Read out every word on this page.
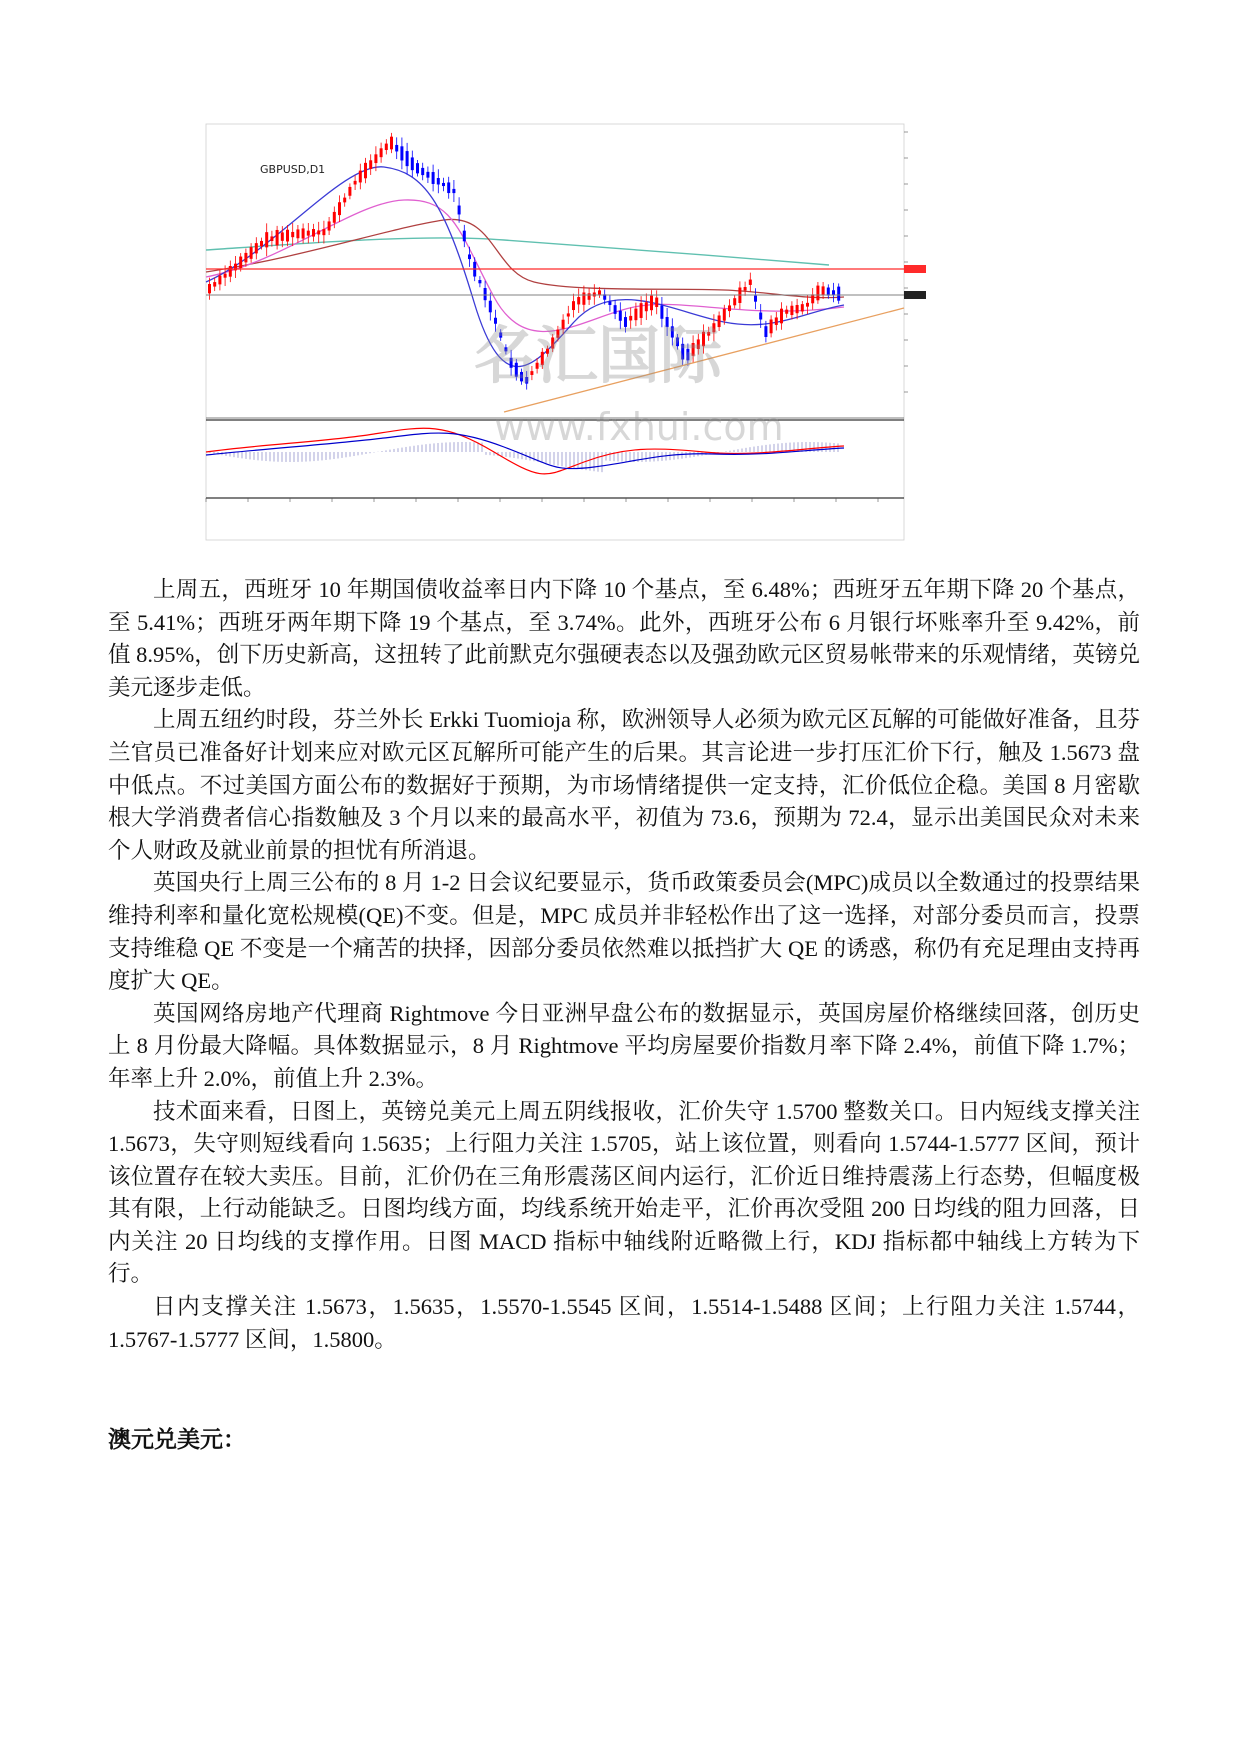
GBPUSD,D1
名汇国际
www.fxhui.com

上周五，西班牙 10 年期国债收益率日内下降 10 个基点，至 6.48%；西班牙五年期下降 20 个基点，至 5.41%；西班牙两年期下降 19 个基点，至 3.74%。此外，西班牙公布 6 月银行坏账率升至 9.42%，前值 8.95%，创下历史新高，这扭转了此前默克尔强硬表态以及强劲欧元区贸易帐带来的乐观情绪，英镑兑美元逐步走低。

上周五纽约时段，芬兰外长 Erkki Tuomioja 称，欧洲领导人必须为欧元区瓦解的可能做好准备，且芬兰官员已准备好计划来应对欧元区瓦解所可能产生的后果。其言论进一步打压汇价下行，触及 1.5673 盘中低点。不过美国方面公布的数据好于预期，为市场情绪提供一定支持，汇价低位企稳。美国 8 月密歇根大学消费者信心指数触及 3 个月以来的最高水平，初值为 73.6，预期为 72.4，显示出美国民众对未来个人财政及就业前景的担忧有所消退。

英国央行上周三公布的 8 月 1-2 日会议纪要显示，货币政策委员会(MPC)成员以全数通过的投票结果维持利率和量化宽松规模(QE)不变。但是，MPC 成员并非轻松作出了这一选择，对部分委员而言，投票支持维稳 QE 不变是一个痛苦的抉择，因部分委员依然难以抵挡扩大 QE 的诱惑，称仍有充足理由支持再度扩大 QE。

英国网络房地产代理商 Rightmove 今日亚洲早盘公布的数据显示，英国房屋价格继续回落，创历史上 8 月份最大降幅。具体数据显示，8 月 Rightmove 平均房屋要价指数月率下降 2.4%，前值下降 1.7%；年率上升 2.0%，前值上升 2.3%。

技术面来看，日图上，英镑兑美元上周五阴线报收，汇价失守 1.5700 整数关口。日内短线支撑关注 1.5673，失守则短线看向 1.5635；上行阻力关注 1.5705，站上该位置，则看向 1.5744-1.5777 区间，预计该位置存在较大卖压。目前，汇价仍在三角形震荡区间内运行，汇价近日维持震荡上行态势，但幅度极其有限，上行动能缺乏。日图均线方面，均线系统开始走平，汇价再次受阻 200 日均线的阻力回落，日内关注 20 日均线的支撑作用。日图 MACD 指标中轴线附近略微上行，KDJ 指标都中轴线上方转为下行。

日内支撑关注 1.5673，1.5635，1.5570-1.5545 区间，1.5514-1.5488 区间；上行阻力关注 1.5744，1.5767-1.5777 区间，1.5800。

澳元兑美元：
